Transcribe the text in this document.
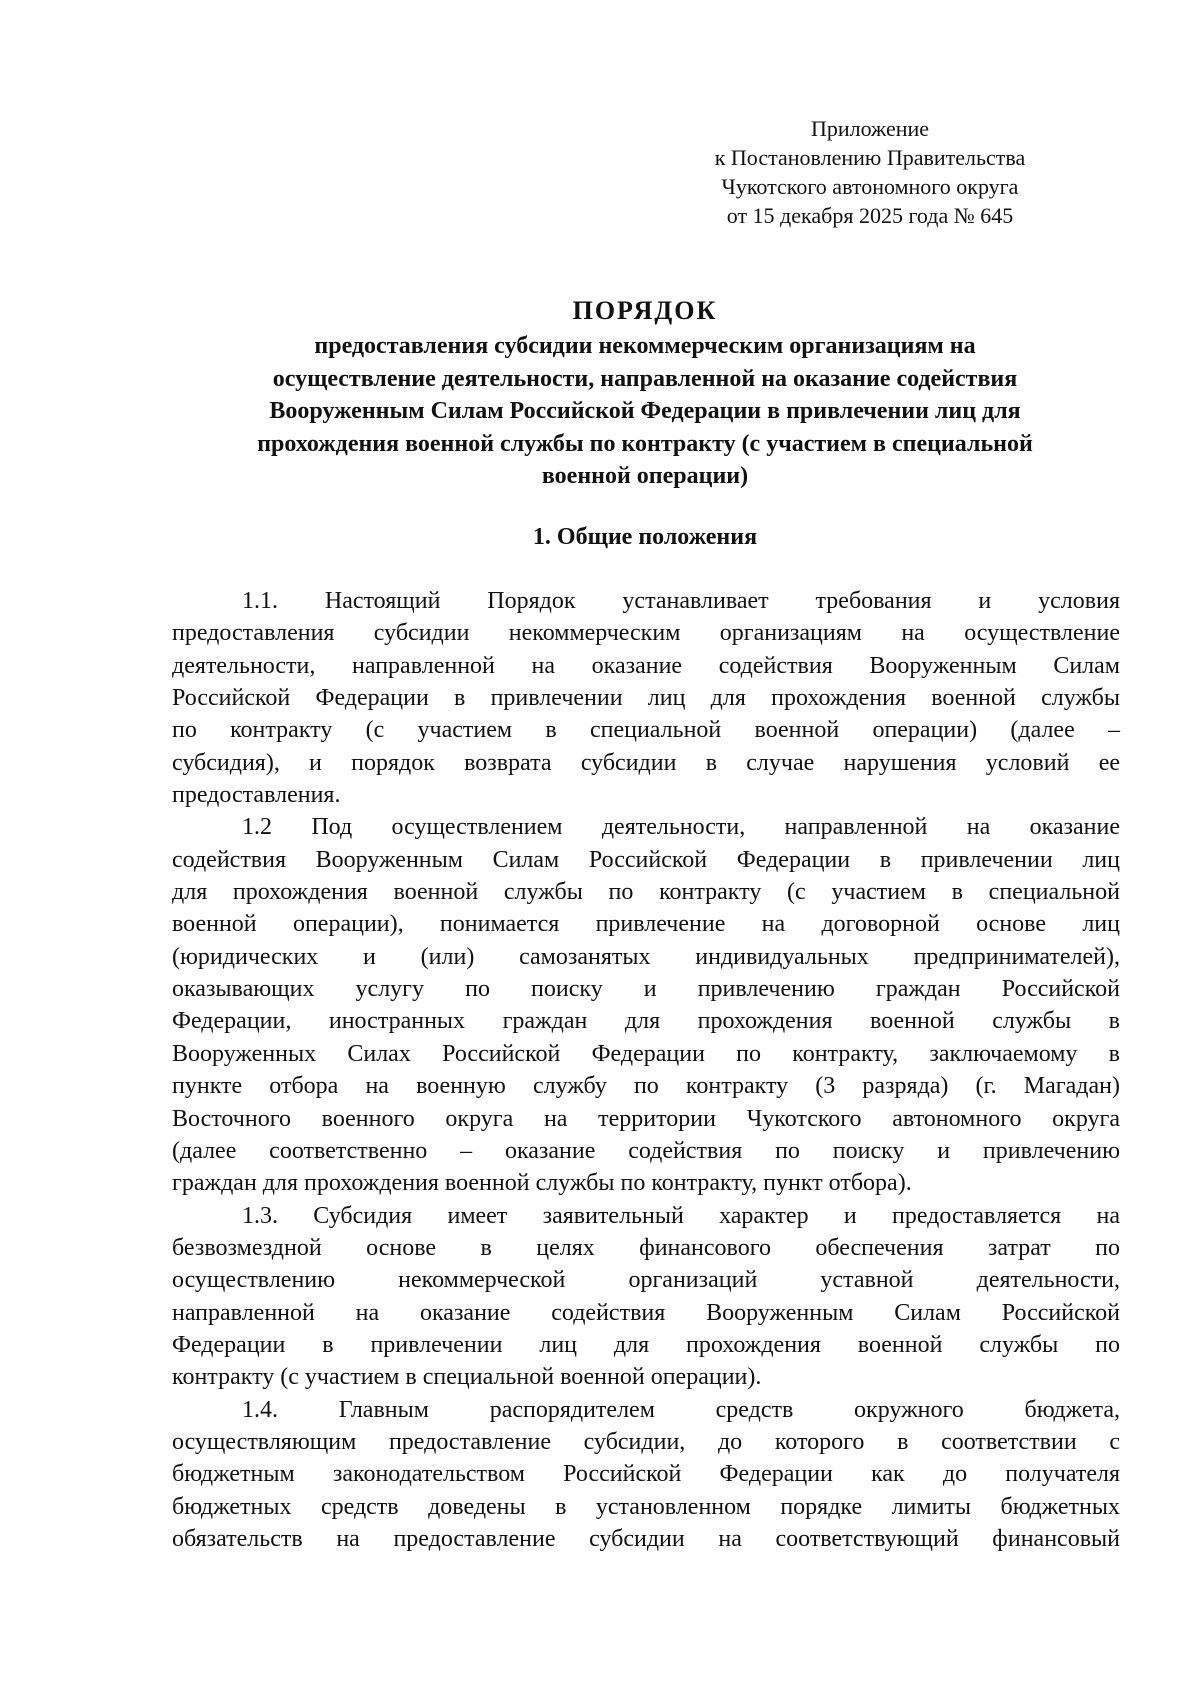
Приложение
к Постановлению Правительства
Чукотского автономного округа
от 15 декабря 2025 года № 645
ПОРЯДОК
предоставления субсидии некоммерческим организациям на
осуществление деятельности, направленной на оказание содействия
Вооруженным Силам Российской Федерации в привлечении лиц для
прохождения военной службы по контракту (с участием в специальной
военной операции)
1. Общие положения
1.1. Настоящий Порядок устанавливает требования и условия
предоставления субсидии некоммерческим организациям на осуществление
деятельности, направленной на оказание содействия Вооруженным Силам
Российской Федерации в привлечении лиц для прохождения военной службы
по контракту (с участием в специальной военной операции) (далее –
субсидия), и порядок возврата субсидии в случае нарушения условий ее
предоставления.
1.2 Под осуществлением деятельности, направленной на оказание
содействия Вооруженным Силам Российской Федерации в привлечении лиц
для прохождения военной службы по контракту (с участием в специальной
военной операции), понимается привлечение на договорной основе лиц
(юридических и (или) самозанятых индивидуальных предпринимателей),
оказывающих услугу по поиску и привлечению граждан Российской
Федерации, иностранных граждан для прохождения военной службы в
Вооруженных Силах Российской Федерации по контракту, заключаемому в
пункте отбора на военную службу по контракту (3 разряда) (г. Магадан)
Восточного военного округа на территории Чукотского автономного округа
(далее соответственно – оказание содействия по поиску и привлечению
граждан для прохождения военной службы по контракту, пункт отбора).
1.3. Субсидия имеет заявительный характер и предоставляется на
безвозмездной основе в целях финансового обеспечения затрат по
осуществлению некоммерческой организаций уставной деятельности,
направленной на оказание содействия Вооруженным Силам Российской
Федерации в привлечении лиц для прохождения военной службы по
контракту (с участием в специальной военной операции).
1.4. Главным распорядителем средств окружного бюджета,
осуществляющим предоставление субсидии, до которого в соответствии с
бюджетным законодательством Российской Федерации как до получателя
бюджетных средств доведены в установленном порядке лимиты бюджетных
обязательств на предоставление субсидии на соответствующий финансовый
